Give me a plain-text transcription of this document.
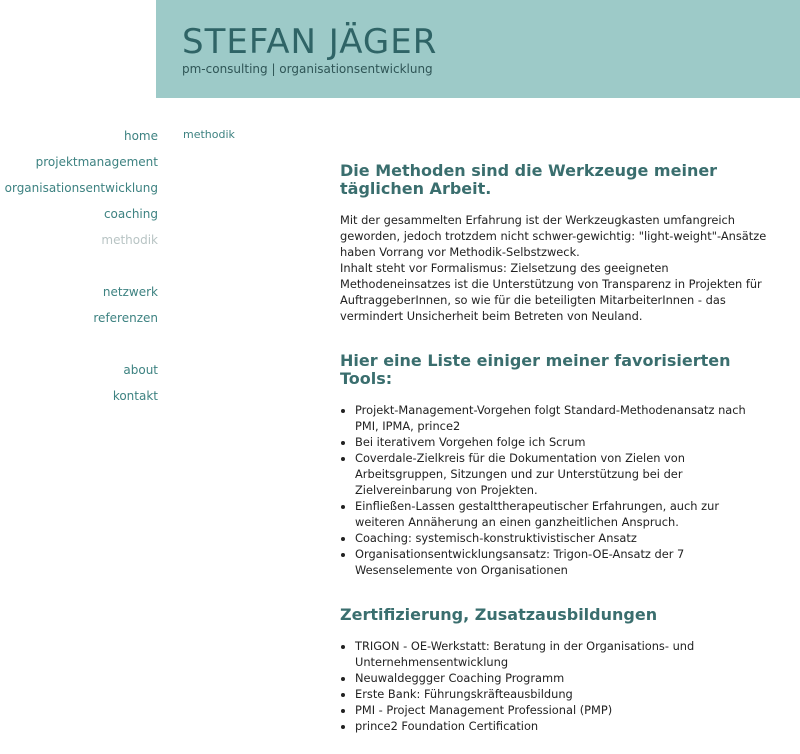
STEFAN JÄGER
pm-consulting | organisationsentwicklung
home
projektmanagement
organisationsentwicklung
coaching
methodik
netzwerk
referenzen
about
kontakt
methodik
Die Methoden sind die Werkzeuge meiner täglichen Arbeit.

Mit der gesammelten Erfahrung ist der Werkzeugkasten umfangreich geworden, jedoch trotzdem nicht schwer-gewichtig: "light-weight"-Ansätze haben Vorrang vor Methodik-Selbstzweck.

Inhalt steht vor Formalismus: Zielsetzung des geeigneten Methodeneinsatzes ist die Unterstützung von Transparenz in Projekten für AuftraggeberInnen, so wie für die beteiligten MitarbeiterInnen - das vermindert Unsicherheit beim Betreten von Neuland.

Hier eine Liste einiger meiner favorisierten Tools:
• Projekt-Management-Vorgehen folgt Standard-Methodenansatz nach PMI, IPMA, prince2
• Bei iterativem Vorgehen folge ich Scrum
• Coverdale-Zielkreis für die Dokumentation von Zielen von Arbeitsgruppen, Sitzungen und zur Unterstützung bei der Zielvereinbarung von Projekten.
• Einfließen-Lassen gestalttherapeutischer Erfahrungen, auch zur weiteren Annäherung an einen ganzheitlichen Anspruch.
• Coaching: systemisch-konstruktivistischer Ansatz
• Organisationsentwicklungsansatz: Trigon-OE-Ansatz der 7 Wesenselemente von Organisationen
Zertifizierung, Zusatzausbildungen
• TRIGON - OE-Werkstatt: Beratung in der Organisations- und Unternehmensentwicklung
• Neuwaldeggger Coaching Programm
• Erste Bank: Führungskräfteausbildung
• PMI - Project Management Professional (PMP)
• prince2 Foundation Certification
